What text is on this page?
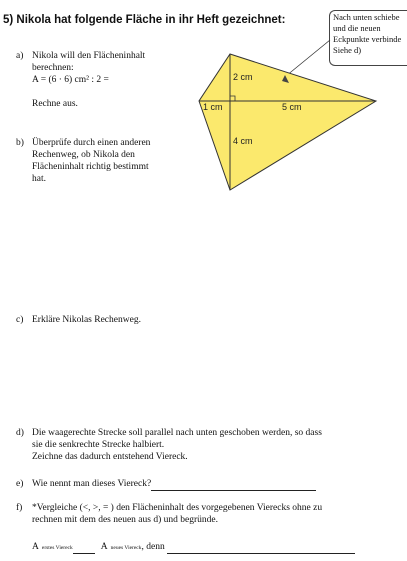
5) Nikola hat folgende Fläche in ihr Heft gezeichnet:	Nach unten schiebe
und die neuen
Eckpunkte verbinde
Siehe d)
2 cm
1 cm	5 cm
4 cm
a) Nikola will den Flächeninhalt
berechnen:
A = (6 · 6) cm² : 2 =
Rechne aus.
b) Überprüfe durch einen anderen
Rechenweg, ob Nikola den
Flächeninhalt richtig bestimmt
hat.
c) Erkläre Nikolas Rechenweg.
d) Die waagerechte Strecke soll parallel nach unten geschoben werden, so dass
sie die senkrechte Strecke halbiert.
Zeichne das dadurch entstehend Viereck.
e) Wie nennt man dieses Viereck?
f) *Vergleiche (<, >, = ) den Flächeninhalt des vorgegebenen Vierecks ohne zu
rechnen mit dem des neuen aus d) und begründe.
Aerstes Viereck	A neues Viereck, denn
